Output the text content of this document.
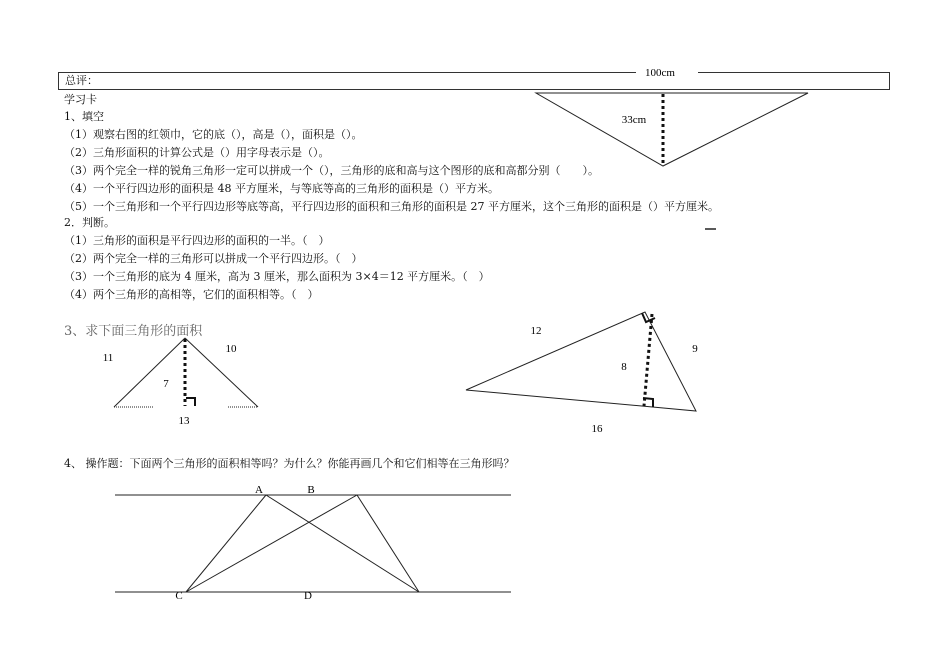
总评：
学习卡
1、填空
（1）观察右图的红领巾，它的底（），高是（），面积是（）。
（2）三角形面积的计算公式是（）用字母表示是（）。
（3）两个完全一样的锐角三角形一定可以拼成一个（），三角形的底和高与这个图形的底和高都分别（　　）。
（4）一个平行四边形的面积是 48 平方厘米，与等底等高的三角形的面积是（）平方米。
（5）一个三角形和一个平行四边形等底等高，平行四边形的面积和三角形的面积是 27 平方厘米，这个三角形的面积是（）平方厘米。
2．判断。
（1）三角形的面积是平行四边形的面积的一半。（　）
（2）两个完全一样的三角形可以拼成一个平行四边形。（　）
（3）一个三角形的底为 4 厘米，高为 3 厘米，那么面积为 3×4＝12 平方厘米。（　）
（4）两个三角形的高相等，它们的面积相等。（　）
3、求下面三角形的面积
4、 操作题：下面两个三角形的面积相等吗？为什么？你能再画几个和它们相等在三角形吗？
100cm
33cm
11
10
7
13
12
9
8
16
A	B
C	D
